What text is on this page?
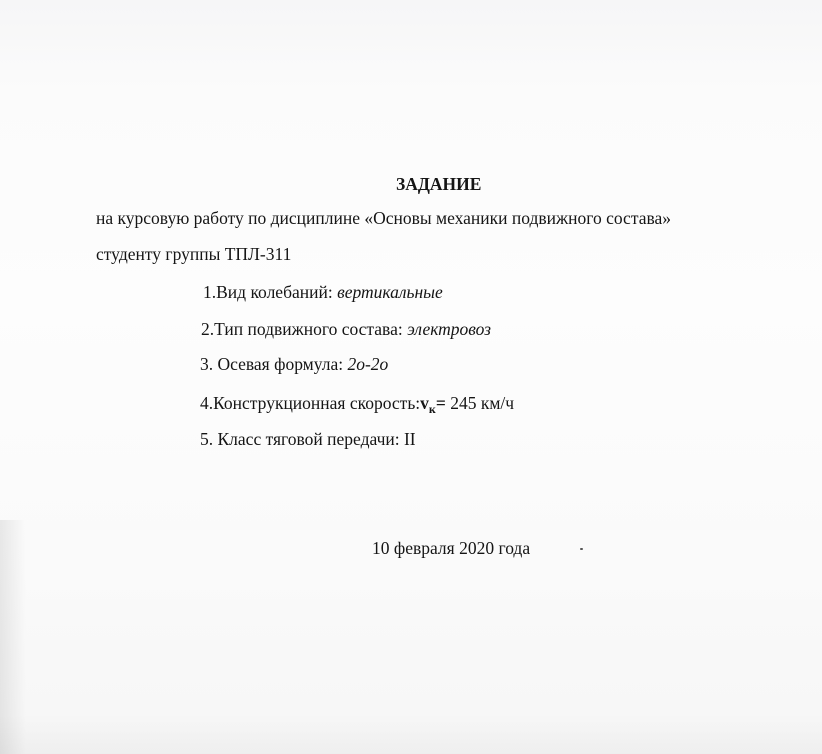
ЗАДАНИЕ
на курсовую работу по дисциплине «Основы механики подвижного состава»
студенту группы ТПЛ-311
1.Вид колебаний: вертикальные
2.Тип подвижного состава: электровоз
3. Осевая формула: 2о-2о
4.Конструкционная $скорость:v_к= 245$ км/ч
5. Класс тяговой передачи: II
10 февраля 2020 года
